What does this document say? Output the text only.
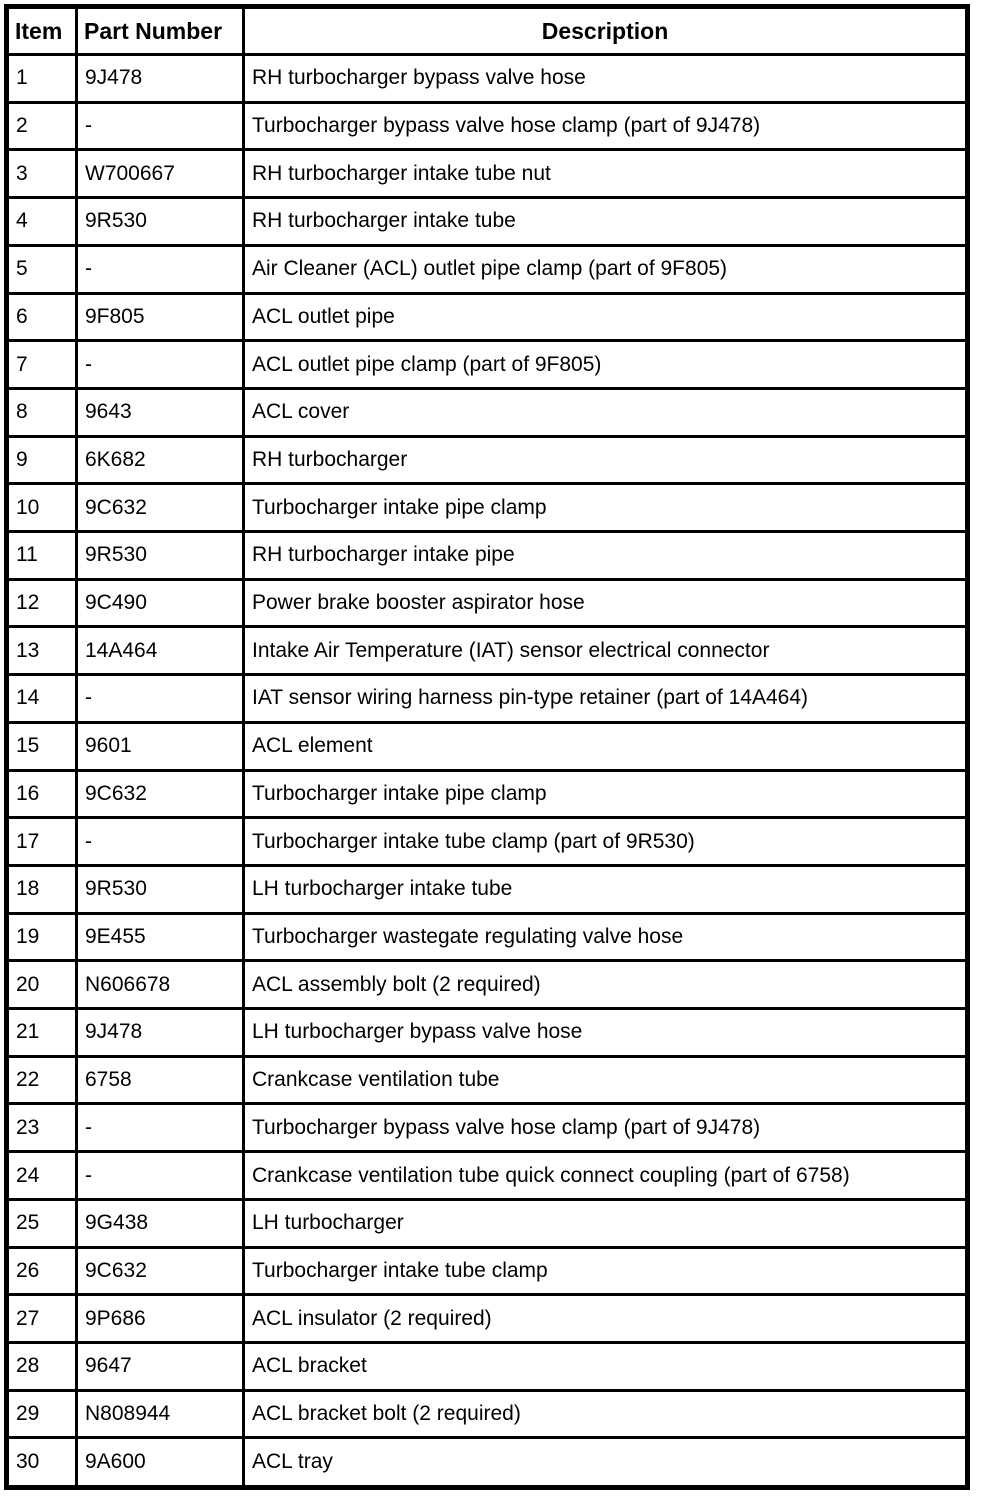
Item	Part Number	Description
1	9J478	RH turbocharger bypass valve hose
2	-	Turbocharger bypass valve hose clamp (part of 9J478)
3	W700667	RH turbocharger intake tube nut
4	9R530	RH turbocharger intake tube
5	-	Air Cleaner (ACL) outlet pipe clamp (part of 9F805)
6	9F805	ACL outlet pipe
7	-	ACL outlet pipe clamp (part of 9F805)
8	9643	ACL cover
9	6K682	RH turbocharger
10	9C632	Turbocharger intake pipe clamp
11	9R530	RH turbocharger intake pipe
12	9C490	Power brake booster aspirator hose
13	14A464	Intake Air Temperature (IAT) sensor electrical connector
14	-	IAT sensor wiring harness pin-type retainer (part of 14A464)
15	9601	ACL element
16	9C632	Turbocharger intake pipe clamp
17	-	Turbocharger intake tube clamp (part of 9R530)
18	9R530	LH turbocharger intake tube
19	9E455	Turbocharger wastegate regulating valve hose
20	N606678	ACL assembly bolt (2 required)
21	9J478	LH turbocharger bypass valve hose
22	6758	Crankcase ventilation tube
23	-	Turbocharger bypass valve hose clamp (part of 9J478)
24	-	Crankcase ventilation tube quick connect coupling (part of 6758)
25	9G438	LH turbocharger
26	9C632	Turbocharger intake tube clamp
27	9P686	ACL insulator (2 required)
28	9647	ACL bracket
29	N808944	ACL bracket bolt (2 required)
30	9A600	ACL tray
